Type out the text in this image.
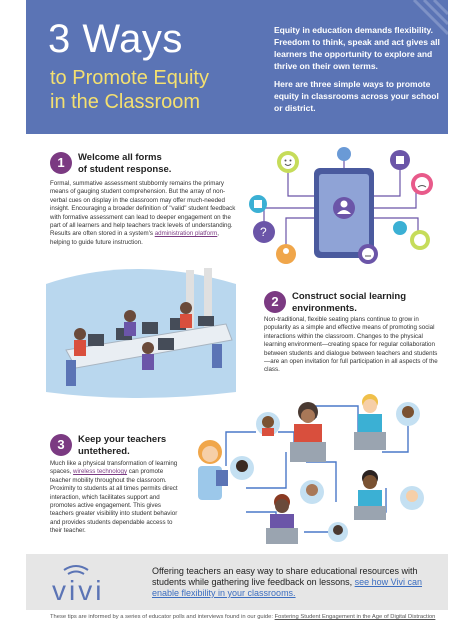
3 Ways
to Promote Equity
in the Classroom

Equity in education demands flexibility. Freedom to think, speak and act gives all learners the opportunity to explore and thrive on their own terms.

Here are three simple ways to promote equity in classrooms across your school or district.

1	Welcome all forms
of student response.
Formal, summative assessment stubbornly remains the primary means of gauging student comprehension. But the array of non-verbal cues on display in the classroom may offer much-needed insight. Encouraging a broader definition of "valid" student feedback with formative assessment can lead to deeper engagement on the part of all learners and help teachers track levels of understanding. Results are often stored in a system's administration platform, helping to guide future instruction.
?
2	Construct social learning
environments.
Non-traditional, flexible seating plans continue to grow in popularity as a simple and effective means of promoting social interactions within the classroom. Changes to the physical learning environment—creating space for regular collaboration between students and dialogue between teachers and students—are an open invitation for full participation in all aspects of the class.
3	Keep your teachers
untethered.
Much like a physical transformation of learning spaces, wireless technology can promote teacher mobility throughout the classroom. Proximity to students at all times permits direct interaction, which facilitates support and promotes active engagement. This gives teachers greater visibility into student behavior and provides students dependable access to their teacher.
vivi
Offering teachers an easy way to share educational resources with students while gathering live feedback on lessons, see how Vivi can enable flexibility in your classrooms.
These tips are informed by a series of educator polls and interviews found in our guide: Fostering Student Engagement in the Age of Digital Distraction
